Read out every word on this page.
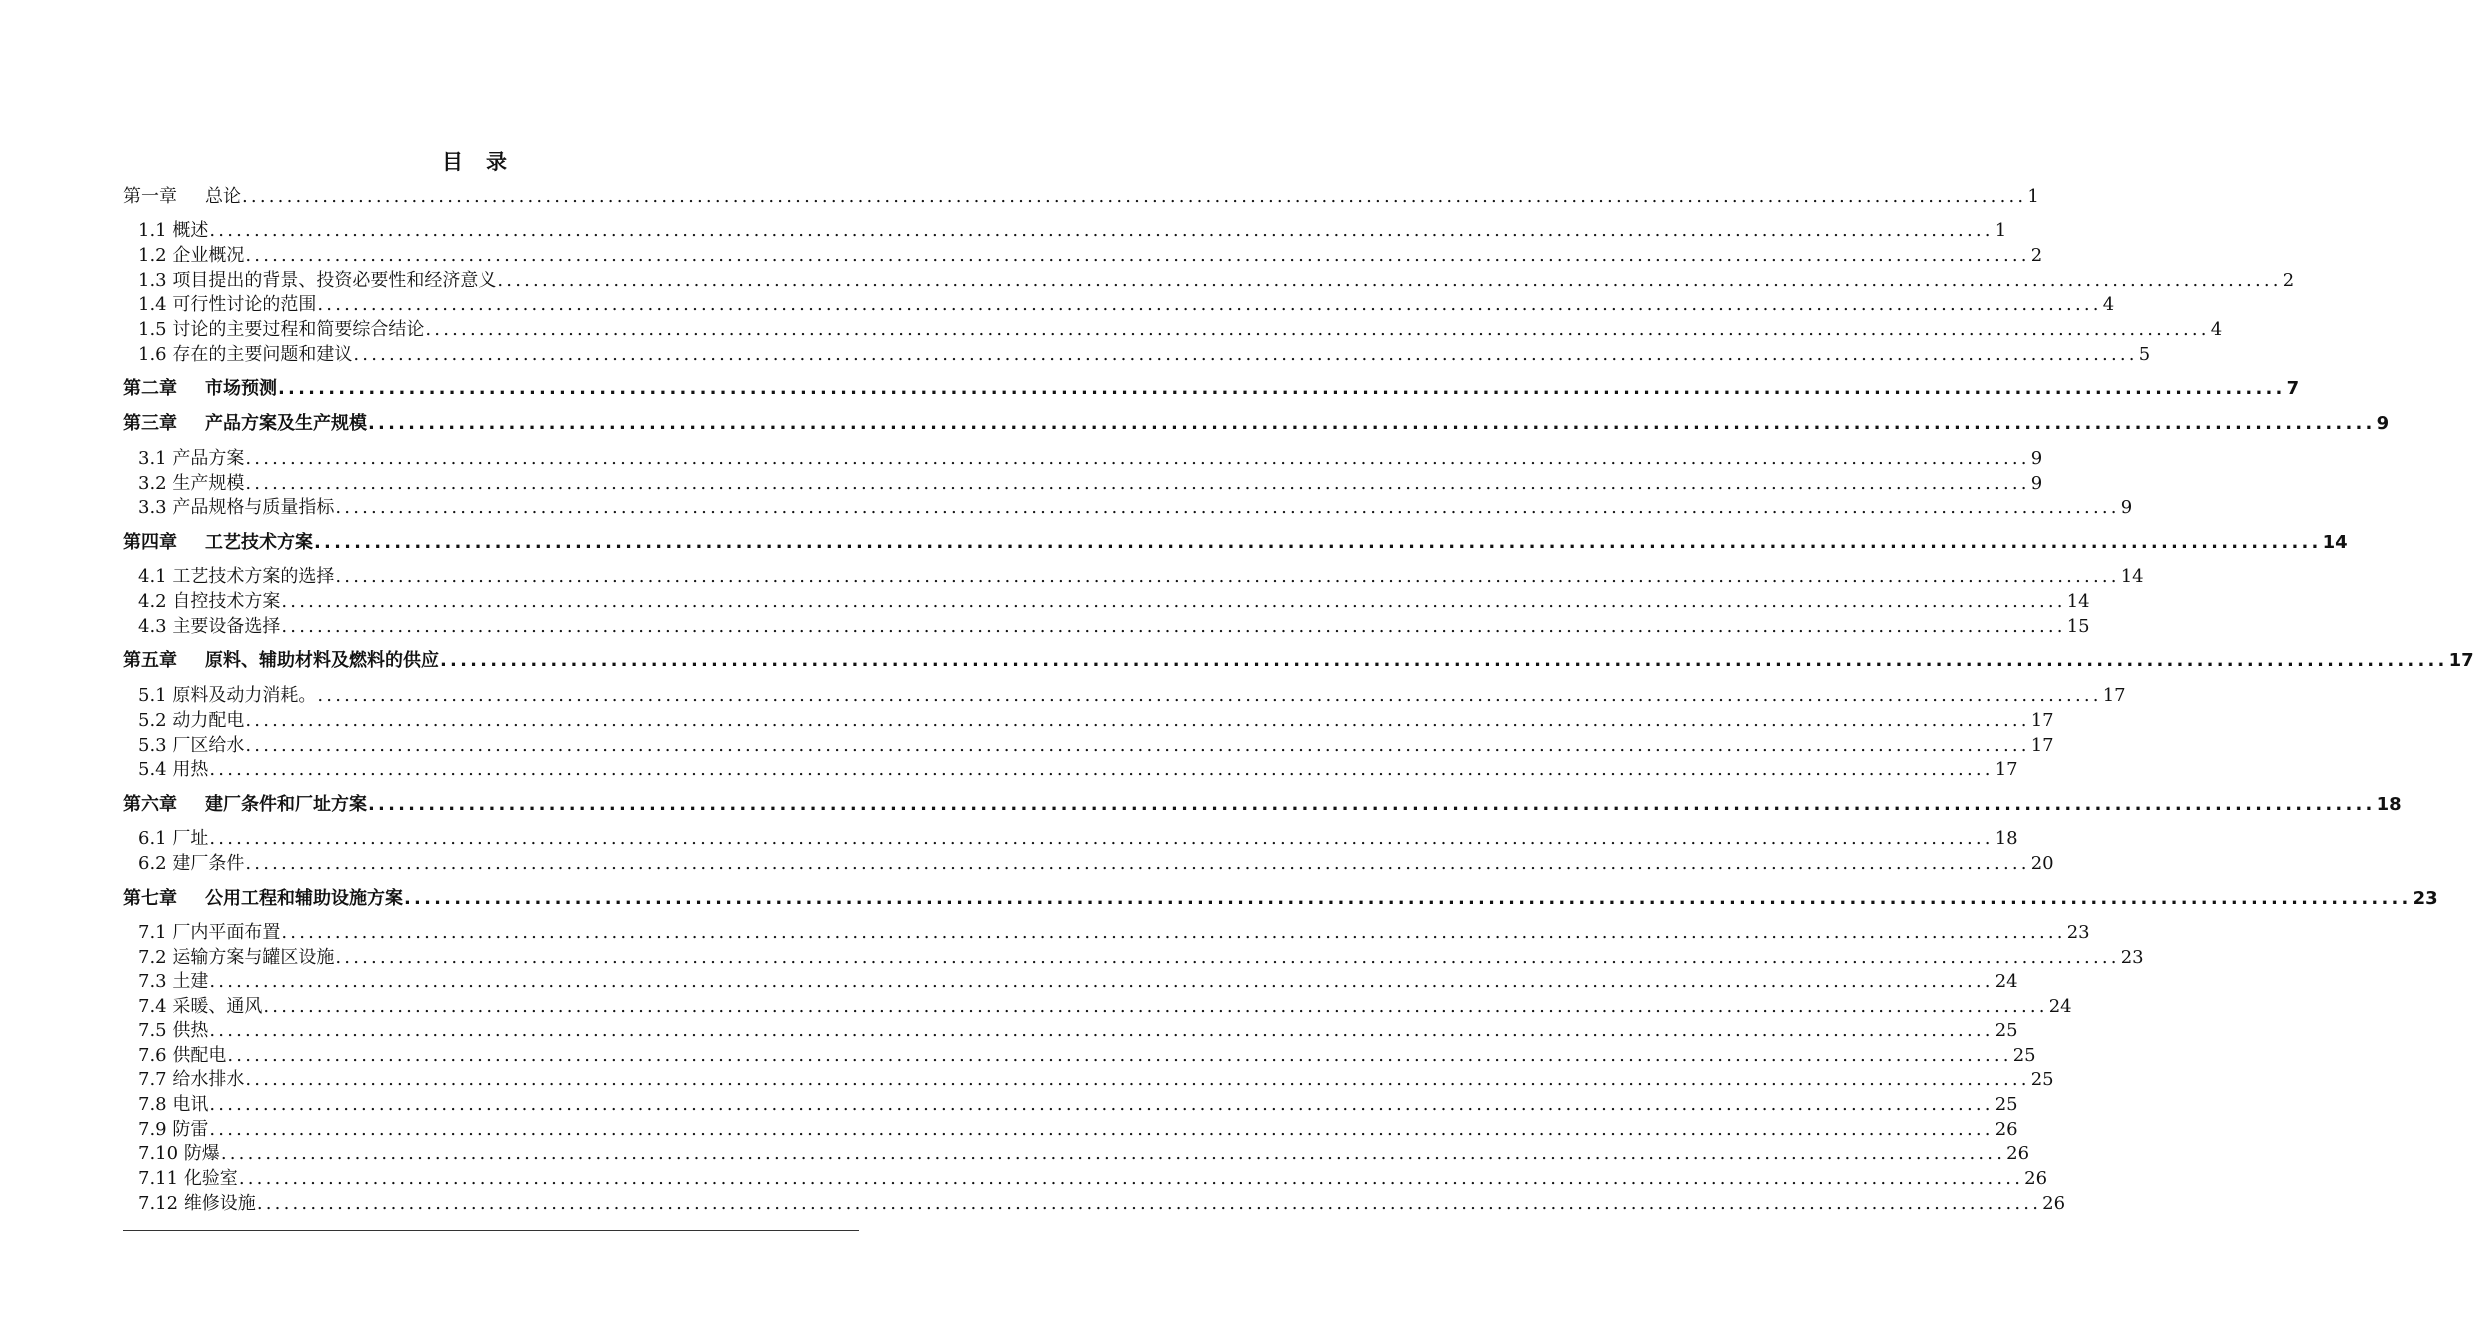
目 录
第一章 总论 ........................................................................................................................................................................................................ 1
1.1 概述 ........................................................................................................................................................................................................ 1
1.2 企业概况 ........................................................................................................................................................................................................ 2
1.3 项目提出的背景、投资必要性和经济意义 ........................................................................................................................................................................................................ 2
1.4 可行性讨论的范围 ........................................................................................................................................................................................................ 4
1.5 讨论的主要过程和简要综合结论 ........................................................................................................................................................................................................ 4
1.6 存在的主要问题和建议 ........................................................................................................................................................................................................ 5
第二章 市场预测 ........................................................................................................................................................................................................ 7
第三章 产品方案及生产规模 ........................................................................................................................................................................................................ 9
3.1 产品方案 ........................................................................................................................................................................................................ 9
3.2 生产规模 ........................................................................................................................................................................................................ 9
3.3 产品规格与质量指标 ........................................................................................................................................................................................................ 9
第四章 工艺技术方案 ........................................................................................................................................................................................................ 14
4.1 工艺技术方案的选择 ........................................................................................................................................................................................................ 14
4.2 自控技术方案 ........................................................................................................................................................................................................ 14
4.3 主要设备选择 ........................................................................................................................................................................................................ 15
第五章 原料、辅助材料及燃料的供应 ........................................................................................................................................................................................................ 17
5.1 原料及动力消耗。 ........................................................................................................................................................................................................ 17
5.2 动力配电 ........................................................................................................................................................................................................ 17
5.3 厂区给水 ........................................................................................................................................................................................................ 17
5.4 用热 ........................................................................................................................................................................................................ 17
第六章 建厂条件和厂址方案 ........................................................................................................................................................................................................ 18
6.1 厂址 ........................................................................................................................................................................................................ 18
6.2 建厂条件 ........................................................................................................................................................................................................ 20
第七章 公用工程和辅助设施方案 ........................................................................................................................................................................................................ 23
7.1 厂内平面布置 ........................................................................................................................................................................................................ 23
7.2 运输方案与罐区设施 ........................................................................................................................................................................................................ 23
7.3 土建 ........................................................................................................................................................................................................ 24
7.4 采暖、通风 ........................................................................................................................................................................................................ 24
7.5 供热 ........................................................................................................................................................................................................ 25
7.6 供配电 ........................................................................................................................................................................................................ 25
7.7 给水排水 ........................................................................................................................................................................................................ 25
7.8 电讯 ........................................................................................................................................................................................................ 25
7.9 防雷 ........................................................................................................................................................................................................ 26
7.10 防爆 ........................................................................................................................................................................................................ 26
7.11 化验室 ........................................................................................................................................................................................................ 26
7.12 维修设施 ........................................................................................................................................................................................................ 26
